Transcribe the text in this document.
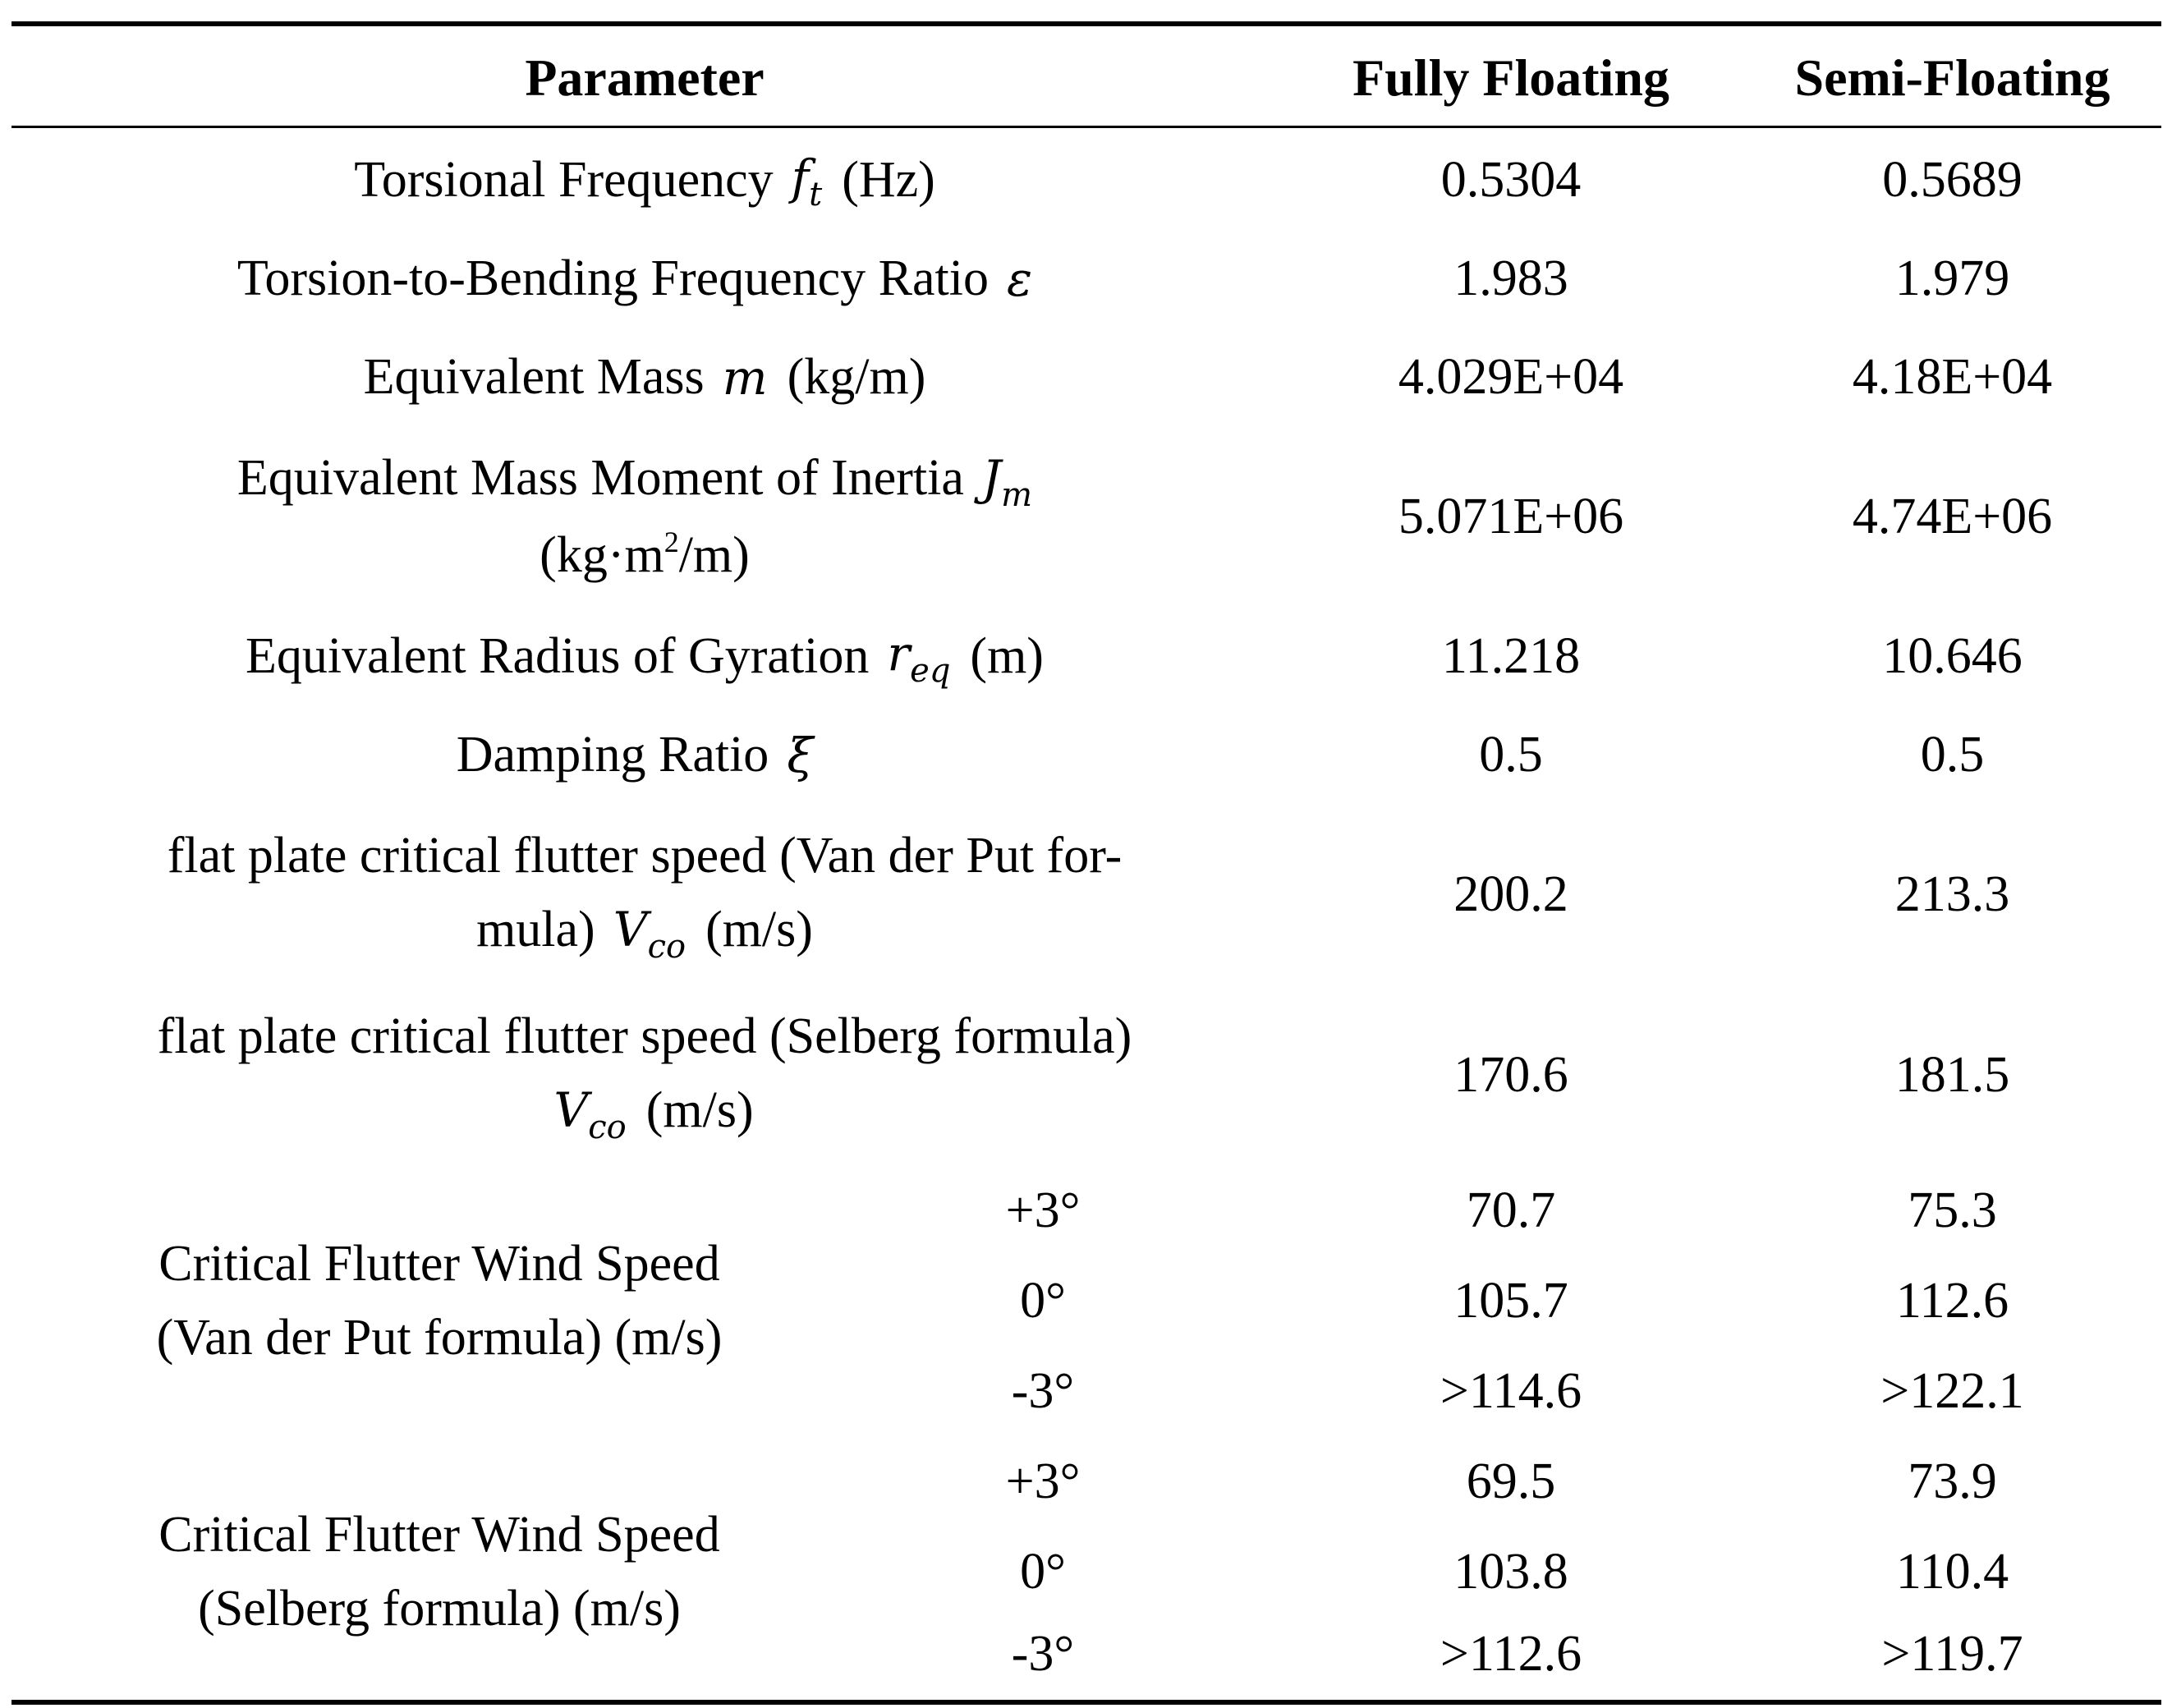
Parameter	Fully Floating	Semi-Floating
Torsional Frequency $f_t$ (Hz)	0.5304	0.5689
Torsion-to-Bending Frequency Ratio ε	1.983	1.979
Equivalent Mass m (kg/m)	4.029E+04	4.18E+04
Equivalent Mass Moment of Inertia $J_m$
$(kg\cdot m^2/m)$
5.071E+06	4.74E+06
Equivalent Radius of Gyration $r_{eq}$ (m)	11.218	10.646
Damping Ratio ξ	0.5	0.5
flat plate critical flutter speed (Van der Put for-
mula) $V_{co}$ (m/s)
200.2	213.3
flat plate critical flutter speed (Selberg formula)
$V_{co}$ (m/s)
170.6	181.5
Critical Flutter Wind Speed
(Van der Put formula) (m/s)
+3°	70.7	75.3
0°	105.7	112.6
-3°	>114.6	>122.1
Critical Flutter Wind Speed
(Selberg formula) (m/s)
+3°	69.5	73.9
0°	103.8	110.4
-3°	>112.6	>119.7
